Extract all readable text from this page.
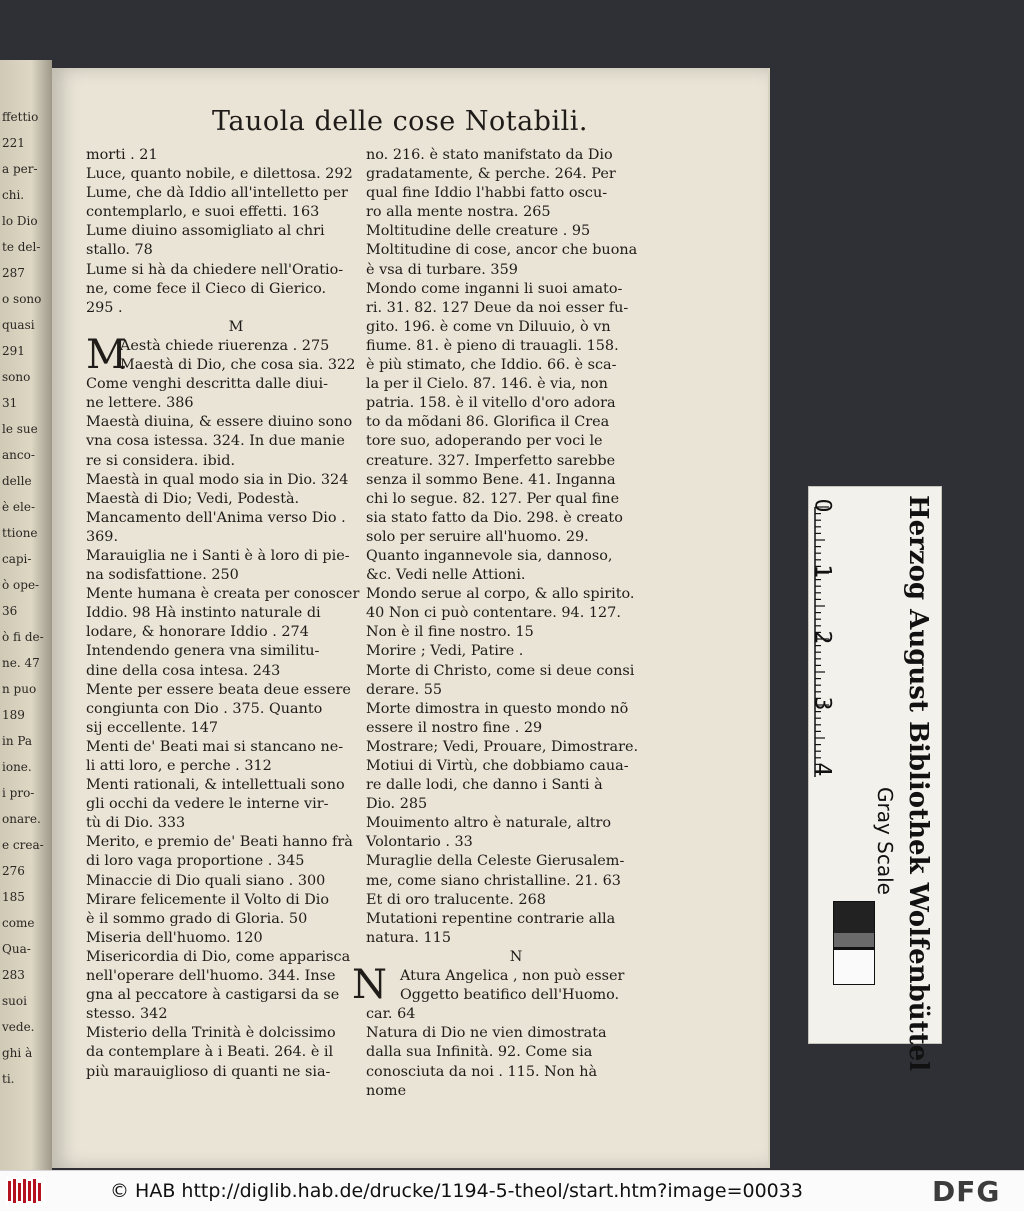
ffettio
221
a per-
chi.
lo Dio
te del-
287
o sono
quasi
291
sono
31
le sue
anco-
delle
è ele-
ttione
capi-
ò ope-
36
ò fi de-
ne. 47
n puo
189
in Pa
ione.
i pro-
onare.
e crea-
276
185
come
Qua-
283
suoi
vede.
ghi à
ti.
Tauola delle cose Notabili.
morti . 21
Luce, quanto nobile, e dilettosa. 292
Lume, che dà Iddio all'intelletto per
contemplarlo, e suoi effetti. 163
Lume diuino assomigliato al chri
stallo. 78
Lume si hà da chiedere nell'Oratio-
ne, come fece il Cieco di Gierico.
295 .
M
Aestà chiede riuerenza . 275
Maestà di Dio, che cosa sia. 322
Come venghi descritta dalle diui-
ne lettere. 386
Maestà diuina, & essere diuino sono
vna cosa istessa. 324. In due manie
re si considera. ibid.
Maestà in qual modo sia in Dio. 324
Maestà di Dio; Vedi, Podestà.
Mancamento dell'Anima verso Dio .
369.
Marauiglia ne i Santi è à loro di pie-
na sodisfattione. 250
Mente humana è creata per conoscer
Iddio. 98 Hà instinto naturale di
lodare, & honorare Iddio . 274
Intendendo genera vna similitu-
dine della cosa intesa. 243
Mente per essere beata deue essere
congiunta con Dio . 375. Quanto
sij eccellente. 147
Menti de' Beati mai si stancano ne-
li atti loro, e perche . 312
Menti rationali, & intellettuali sono
gli occhi da vedere le interne vir-
tù di Dio. 333
Merito, e premio de' Beati hanno frà
di loro vaga proportione . 345
Minaccie di Dio quali siano . 300
Mirare felicemente il Volto di Dio
è il sommo grado di Gloria. 50
Miseria dell'huomo. 120
Misericordia di Dio, come apparisca
nell'operare dell'huomo. 344. Inse
gna al peccatore à castigarsi da se
stesso. 342
Misterio della Trinità è dolcissimo
da contemplare à i Beati. 264. è il
più marauiglioso di quanti ne sia-
M
no. 216. è stato manifstato da Dio
gradatamente, & perche. 264. Per
qual fine Iddio l'habbi fatto oscu-
ro alla mente nostra. 265
Moltitudine delle creature . 95
Moltitudine di cose, ancor che buona
è vsa di turbare. 359
Mondo come inganni li suoi amato-
ri. 31. 82. 127 Deue da noi esser fu-
gito. 196. è come vn Diluuio, ò vn
fiume. 81. è pieno di trauagli. 158.
è più stimato, che Iddio. 66. è sca-
la per il Cielo. 87. 146. è via, non
patria. 158. è il vitello d'oro adora
to da mõdani 86. Glorifica il Crea
tore suo, adoperando per voci le
creature. 327. Imperfetto sarebbe
senza il sommo Bene. 41. Inganna
chi lo segue. 82. 127. Per qual fine
sia stato fatto da Dio. 298. è creato
solo per seruire all'huomo. 29.
Quanto ingannevole sia, dannoso,
&c. Vedi nelle Attioni.
Mondo serue al corpo, & allo spirito.
40 Non ci può contentare. 94. 127.
Non è il fine nostro. 15
Morire ; Vedi, Patire .
Morte di Christo, come si deue consi
derare. 55
Morte dimostra in questo mondo nõ
essere il nostro fine . 29
Mostrare; Vedi, Prouare, Dimostrare.
Motiui di Virtù, che dobbiamo caua-
re dalle lodi, che danno i Santi à
Dio. 285
Mouimento altro è naturale, altro
Volontario . 33
Muraglie della Celeste Gierusalem-
me, come siano christalline. 21. 63
Et di oro tralucente. 268
Mutationi repentine contrarie alla
natura. 115
N
Atura Angelica , non può esser
Oggetto beatifico dell'Huomo.
car. 64
Natura di Dio ne vien dimostrata
dalla sua Infinità. 92. Come sia
conosciuta da noi . 115. Non hà
nome
N
0
1
2
3
4	Herzog August Bibliothek Wolfenbüttel
Gray Scale
© HAB http://diglib.hab.de/drucke/1194-5-theol/start.htm?image=00033	DFG
